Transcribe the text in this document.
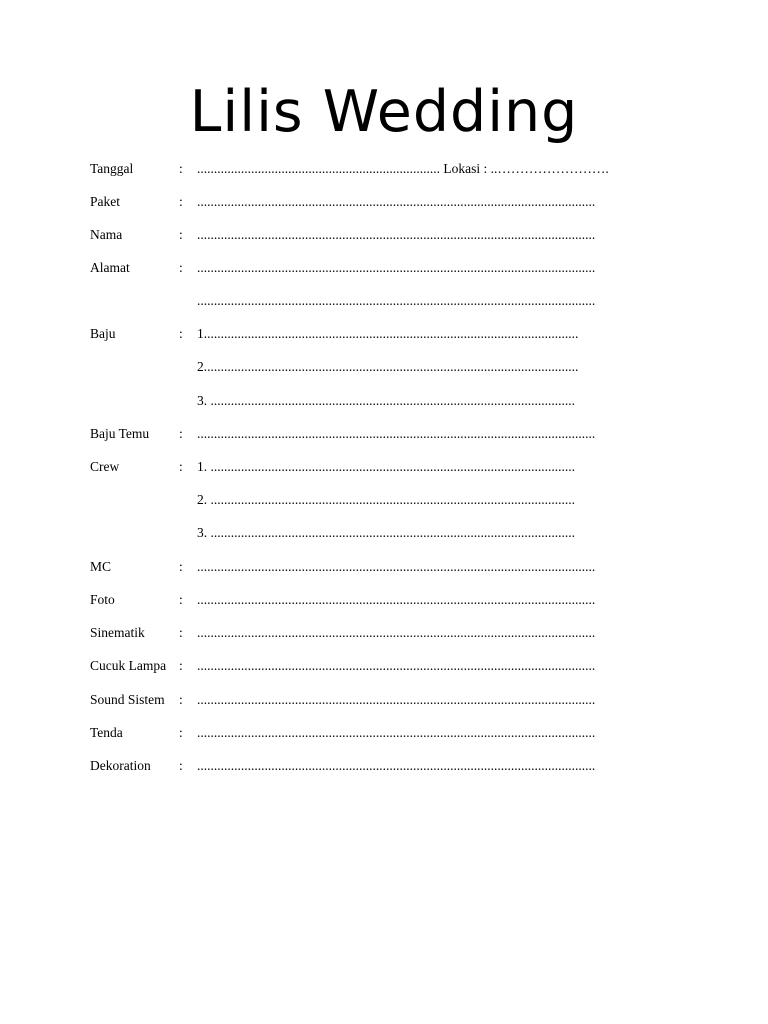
Lilis Wedding
Tanggal	: ........................................................................ Lokasi : ..…………………….
Paket	: ......................................................................................................................
Nama	: ......................................................................................................................
Alamat	: ......................................................................................................................
......................................................................................................................
Baju	: 1...............................................................................................................
2...............................................................................................................
3. ............................................................................................................
Baju Temu : ......................................................................................................................
Crew	: 1. ............................................................................................................
2. ............................................................................................................
3. ............................................................................................................
MC	: ......................................................................................................................
Foto	: ......................................................................................................................
Sinematik	: ......................................................................................................................
Cucuk Lampa : ......................................................................................................................
Sound Sistem : ......................................................................................................................
Tenda	: ......................................................................................................................
Dekoration : ......................................................................................................................
